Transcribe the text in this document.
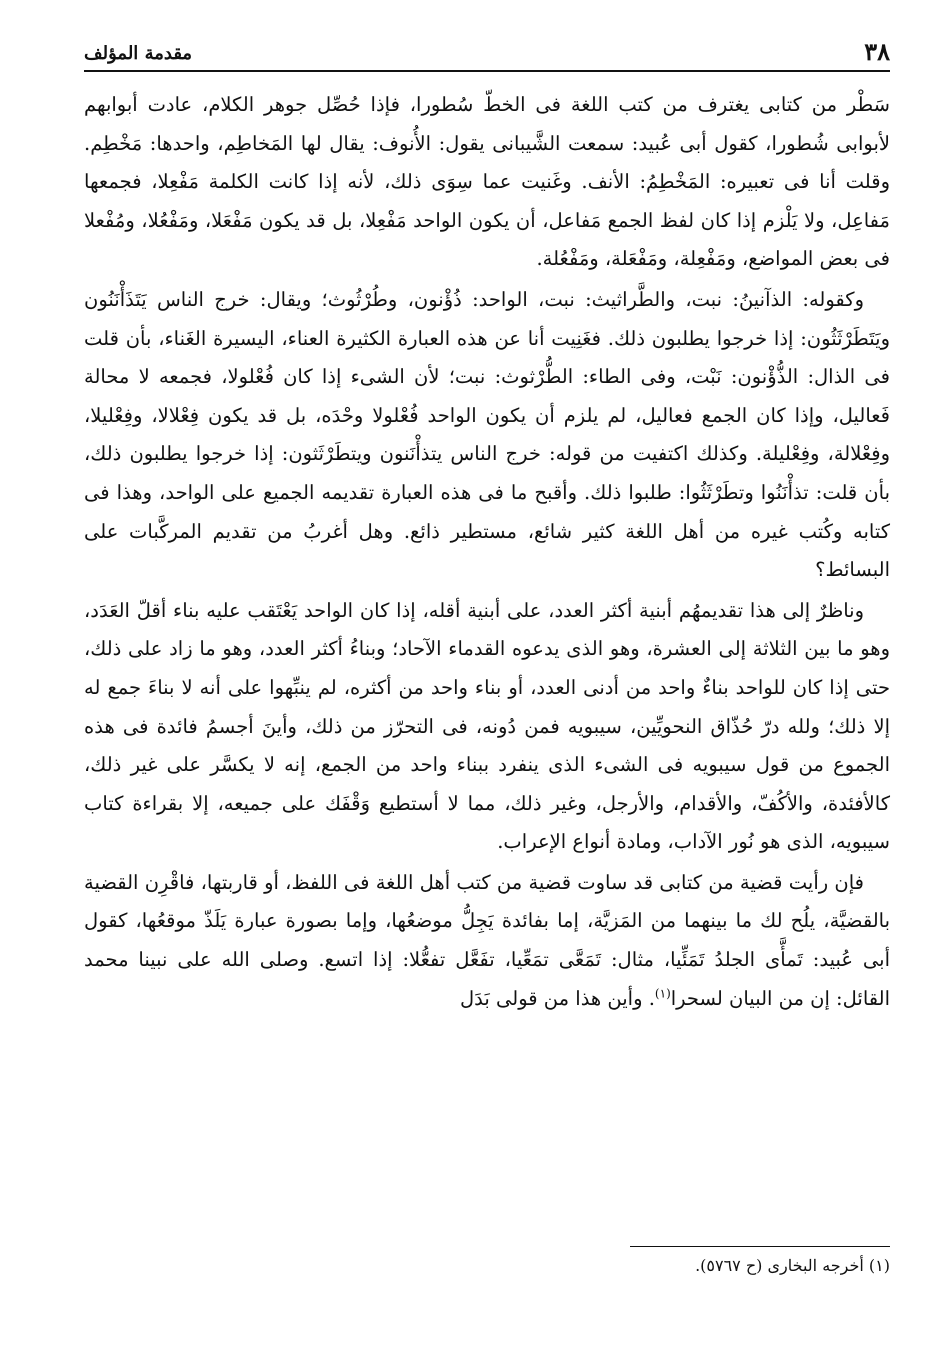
٣٨
مقدمة المؤلف

سَطْر من كتابى يغترف من كتب اللغة فى الخطّ سُطورا، فإذا حُصِّل جوهر الكلام، عادت أبوابهم لأبوابى شُطورا، كقول أبى عُبيد: سمعت الشَّيبانى يقول: الأُنوف: يقال لها المَخاطِم، واحدها: مَخْطِم. وقلت أنا فى تعبيره: المَخْطِمُ: الأنف. وغَنيت عما سِوَى ذلك، لأنه إذا كانت الكلمة مَفْعِلا، فجمعها مَفاعِل، ولا يَلْزم إذا كان لفظ الجمع مَفاعل، أن يكون الواحد مَفْعِلا، بل قد يكون مَفْعَلا، ومَفْعُلا، ومُفْعلا فى بعض المواضع، ومَفْعِلة، ومَفْعَلة، ومَفْعُلة.

وكقوله: الذآنينُ: نبت، والطَّراثيث: نبت، الواحد: ذُؤْنون، وطُرْثُوث؛ ويقال: خرج الناس يَتَذَأْنَنُون ويَتَطَرْثَثُون: إذا خرجوا يطلبون ذلك. فغَنِيت أنا عن هذه العبارة الكثيرة العناء، اليسيرة الغَناء، بأن قلت فى الذال: الذُّؤْنون: نَبْت، وفى الطاء: الطُّرْثوث: نبت؛ لأن الشىء إذا كان فُعْلولا، فجمعه لا محالة فَعاليل، وإذا كان الجمع فعاليل، لم يلزم أن يكون الواحد فُعْلولا وحْدَه، بل قد يكون فِعْلالا، وفِعْليلا، وفِعْلالة، وفِعْليلة. وكذلك اكتفيت من قوله: خرج الناس يتذأْنَنون ويتطَرْثَثون: إذا خرجوا يطلبون ذلك، بأن قلت: تذأْنَنُوا وتطَرْثَثُوا: طلبوا ذلك. وأقبح ما فى هذه العبارة تقديمه الجميع على الواحد، وهذا فى كتابه وكُتب غيره من أهل اللغة كثير شائع، مستطير ذائع. وهل أغربُ من تقديم المركَّبات على البسائط؟

وناظرٌ إلى هذا تقديمهُم أبنية أكثر العدد، على أبنية أقله، إذا كان الواحد يَعْتَقب عليه بناء أقلّ العَدَد، وهو ما بين الثلاثة إلى العشرة، وهو الذى يدعوه القدماء الآحاد؛ وبناءُ أكثر العدد، وهو ما زاد على ذلك، حتى إذا كان للواحد بناءٌ واحد من أدنى العدد، أو بناء واحد من أكثره، لم ينبِّهوا على أنه لا بناءَ جمع له إلا ذلك؛ ولله درّ حُذّاق النحويِّين، سيبويه فمن دُونه، فى التحرّز من ذلك، وأينَ أجسمُ فائدة فى هذه الجموع من قول سيبويه فى الشىء الذى ينفرد ببناء واحد من الجمع، إنه لا يكسَّر على غير ذلك، كالأفئدة، والأكُفّ، والأقدام، والأرجل، وغير ذلك، مما لا أستطيع وَقْفَك على جميعه، إلا بقراءة كتاب سيبويه، الذى هو نُور الآداب، ومادة أنواع الإعراب.

فإن رأيت قضية من كتابى قد ساوت قضية من كتب أهل اللغة فى اللفظ، أو قاربتها، فاقْرِن القضية بالقضيَّة، يلُح لك ما بينهما من المَزيَّة، إما بفائدة يَجِلُّ موضعُها، وإما بصورة عبارة يَلَذّ موقعُها، كقول أبى عُبيد: تَمأَّى الجلدُ تَمَئِّيا، مثال: تَمَعَّى تمَعِّيا، تفَعَّل تفعُّلا: إذا اتسع. وصلى الله على نبينا محمد القائل: إن من البيان لسحرا$^{(١)}$. وأين هذا من قولى بَدَل

(١) أخرجه البخارى (ح ٥٧٦٧).
